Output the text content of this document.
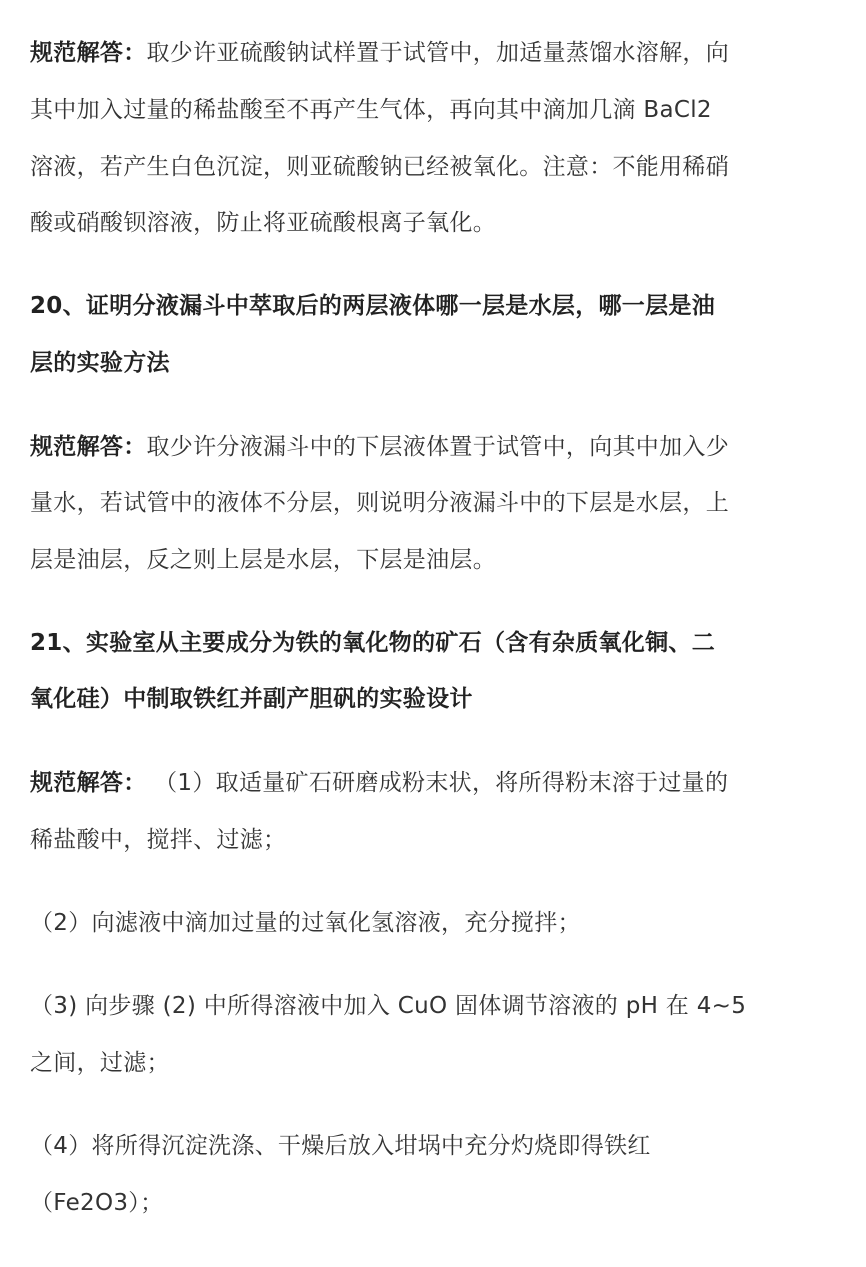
规范解答：取少许亚硫酸钠试样置于试管中，加适量蒸馏水溶解，向
其中加入过量的稀盐酸至不再产生气体，再向其中滴加几滴 BaCl2
溶液，若产生白色沉淀，则亚硫酸钠已经被氧化。注意：不能用稀硝
酸或硝酸钡溶液，防止将亚硫酸根离子氧化。
20、证明分液漏斗中萃取后的两层液体哪一层是水层，哪一层是油
层的实验方法
规范解答：取少许分液漏斗中的下层液体置于试管中，向其中加入少
量水，若试管中的液体不分层，则说明分液漏斗中的下层是水层，上
层是油层，反之则上层是水层，下层是油层。
21、实验室从主要成分为铁的氧化物的矿石（含有杂质氧化铜、二
氧化硅）中制取铁红并副产胆矾的实验设计
规范解答： （1）取适量矿石研磨成粉末状，将所得粉末溶于过量的
稀盐酸中，搅拌、过滤；
（2）向滤液中滴加过量的过氧化氢溶液，充分搅拌；
（3) 向步骤 (2) 中所得溶液中加入 CuO 固体调节溶液的 pH 在 4~5
之间，过滤；
（4）将所得沉淀洗涤、干燥后放入坩埚中充分灼烧即得铁红
（Fe2O3）；
